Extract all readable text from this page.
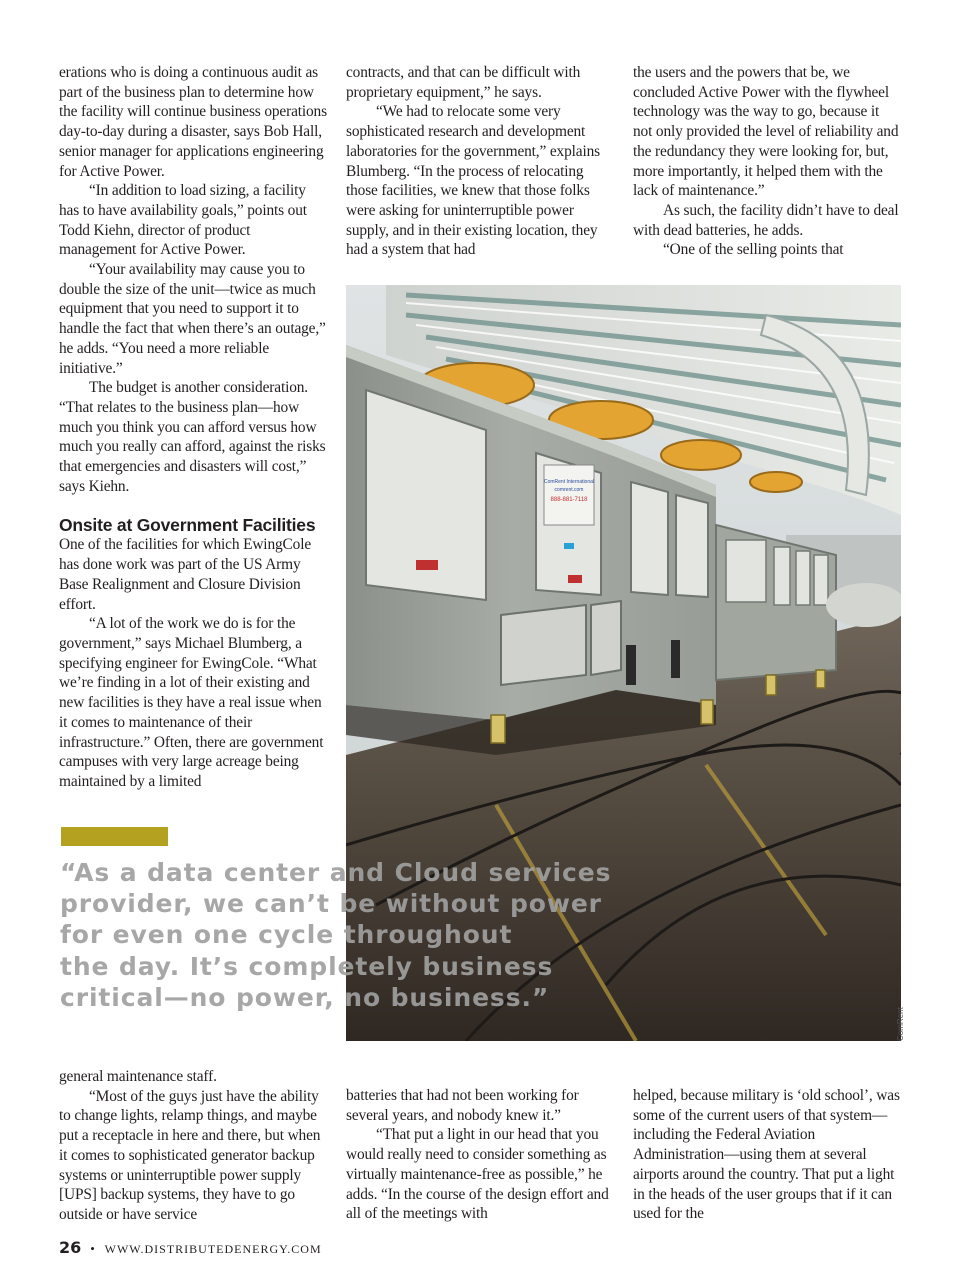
erations who is doing a continuous audit as part of the business plan to determine how the facility will continue business operations day-to-day during a disaster, says Bob Hall, senior manager for applications engineering for Active Power.

“In addition to load sizing, a facility has to have availability goals,” points out Todd Kiehn, director of product management for Active Power.

“Your availability may cause you to double the size of the unit—twice as much equipment that you need to support it to handle the fact that when there’s an outage,” he adds. “You need a more reliable initiative.”

The budget is another consideration. “That relates to the business plan—how much you think you can afford versus how much you really can afford, against the risks that emergencies and disasters will cost,” says Kiehn.

Onsite at Government Facilities

One of the facilities for which EwingCole has done work was part of the US Army Base Realignment and Closure Division effort.

“A lot of the work we do is for the government,” says Michael Blumberg, a specifying engineer for EwingCole. “What we’re finding in a lot of their existing and new facilities is they have a real issue when it comes to maintenance of their infrastructure.” Often, there are government campuses with very large acreage being maintained by a limited

contracts, and that can be difficult with proprietary equipment,” he says.

“We had to relocate some very sophisticated research and development laboratories for the government,” explains Blumberg. “In the process of relocating those facilities, we knew that those folks were asking for uninterruptible power supply, and in their existing location, they had a system that had

the users and the powers that be, we concluded Active Power with the flywheel technology was the way to go, because it not only provided the level of reliability and the redundancy they were looking for, but, more importantly, it helped them with the lack of maintenance.”

As such, the facility didn’t have to deal with dead batteries, he adds.

“One of the selling points that

ComRent International
comrent.com
888-881-7118
ComRent
“As a data center and Cloud services
provider, we can’t be without power
for even one cycle throughout
the day. It’s completely business
critical—no power, no business.”

general maintenance staff.

“Most of the guys just have the ability to change lights, relamp things, and maybe put a receptacle in here and there, but when it comes to sophisticated generator backup systems or uninterruptible power supply [UPS] backup systems, they have to go outside or have service

batteries that had not been working for several years, and nobody knew it.”

“That put a light in our head that you would really need to consider something as virtually maintenance-free as possible,” he adds. “In the course of the design effort and all of the meetings with

helped, because military is ‘old school’, was some of the current users of that system—including the Federal Aviation Administration—using them at several airports around the country. That put a light in the heads of the user groups that if it can used for the

26 • WWW.DISTRIBUTEDENERGY.COM
